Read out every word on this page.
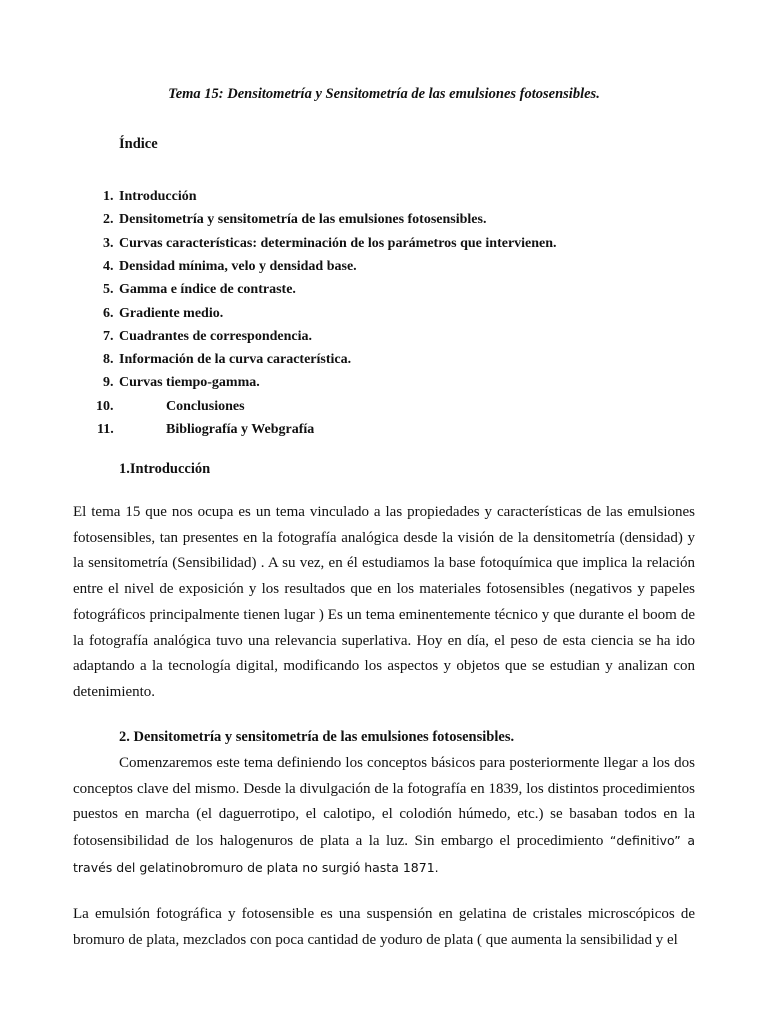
Tema 15: Densitometría y Sensitometría de las emulsiones fotosensibles.
Índice
1. Introducción
2. Densitometría y sensitometría de las emulsiones fotosensibles.
3. Curvas características: determinación de los parámetros que intervienen.
4. Densidad mínima, velo y densidad base.
5. Gamma e índice de contraste.
6. Gradiente medio.
7. Cuadrantes de correspondencia.
8. Información de la curva característica.
9. Curvas tiempo-gamma.
10.	Conclusiones
11.	Bibliografía y Webgrafía
1.Introducción
El tema 15 que nos ocupa es un tema vinculado a las propiedades y características de las emulsiones fotosensibles, tan presentes en la fotografía analógica desde la visión de la densitometría (densidad) y la sensitometría (Sensibilidad) . A su vez, en él estudiamos la base fotoquímica que implica la relación entre el nivel de exposición y los resultados que en los materiales fotosensibles (negativos y papeles fotográficos principalmente tienen lugar ) Es un tema eminentemente técnico y que durante el boom de la fotografía analógica tuvo una relevancia superlativa. Hoy en día, el peso de esta ciencia se ha ido adaptando a la tecnología digital, modificando los aspectos y objetos que se estudian y analizan con detenimiento.
2. Densitometría y sensitometría de las emulsiones fotosensibles.
Comenzaremos este tema definiendo los conceptos básicos para posteriormente llegar a los dos conceptos clave del mismo. Desde la divulgación de la fotografía en 1839, los distintos procedimientos puestos en marcha (el daguerrotipo, el calotipo, el colodión húmedo, etc.) se basaban todos en la fotosensibilidad de los halogenuros de plata a la luz. Sin embargo el procedimiento “definitivo” a través del gelatinobromuro de plata no surgió hasta 1871.
La emulsión fotográfica y fotosensible es una suspensión en gelatina de cristales microscópicos de bromuro de plata, mezclados con poca cantidad de yoduro de plata ( que aumenta la sensibilidad y el
